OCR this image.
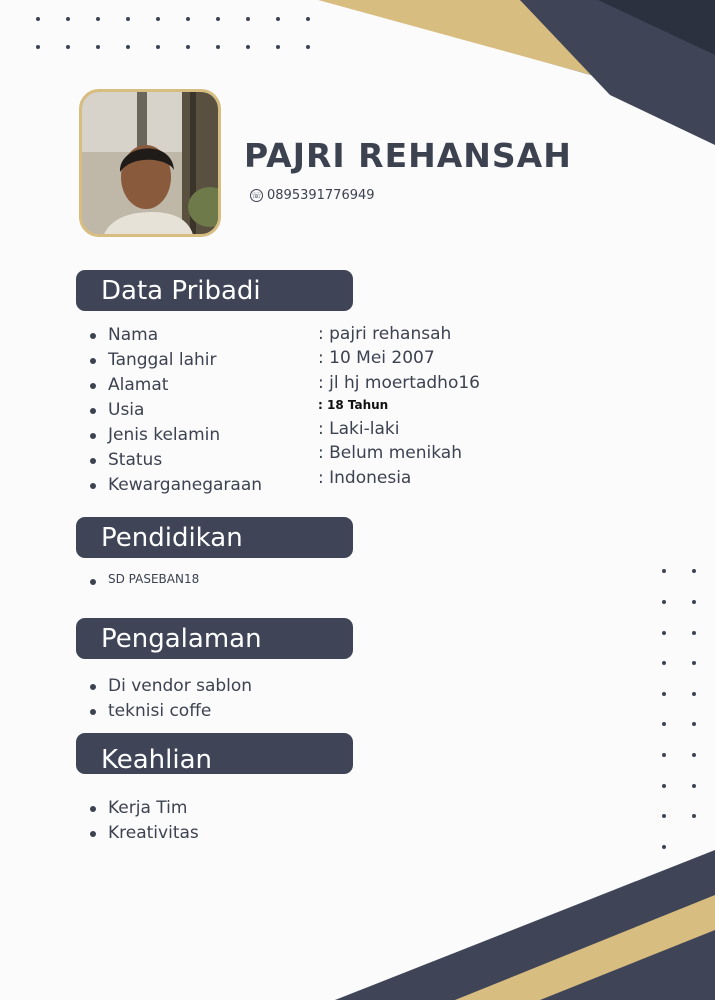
PAJRI REHANSAH
☏ 0895391776949
Data Pribadi
Nama
Tanggal lahir
Alamat
Usia
Jenis kelamin
Status
Kewarganegaraan
: pajri rehansah
: 10 Mei 2007
: jl hj moertadho16
: 18 Tahun
: Laki-laki
: Belum menikah
: Indonesia
Pendidikan
SD PASEBAN18
Pengalaman
Di vendor sablon
teknisi coffe
Keahlian
Kerja Tim
Kreativitas
